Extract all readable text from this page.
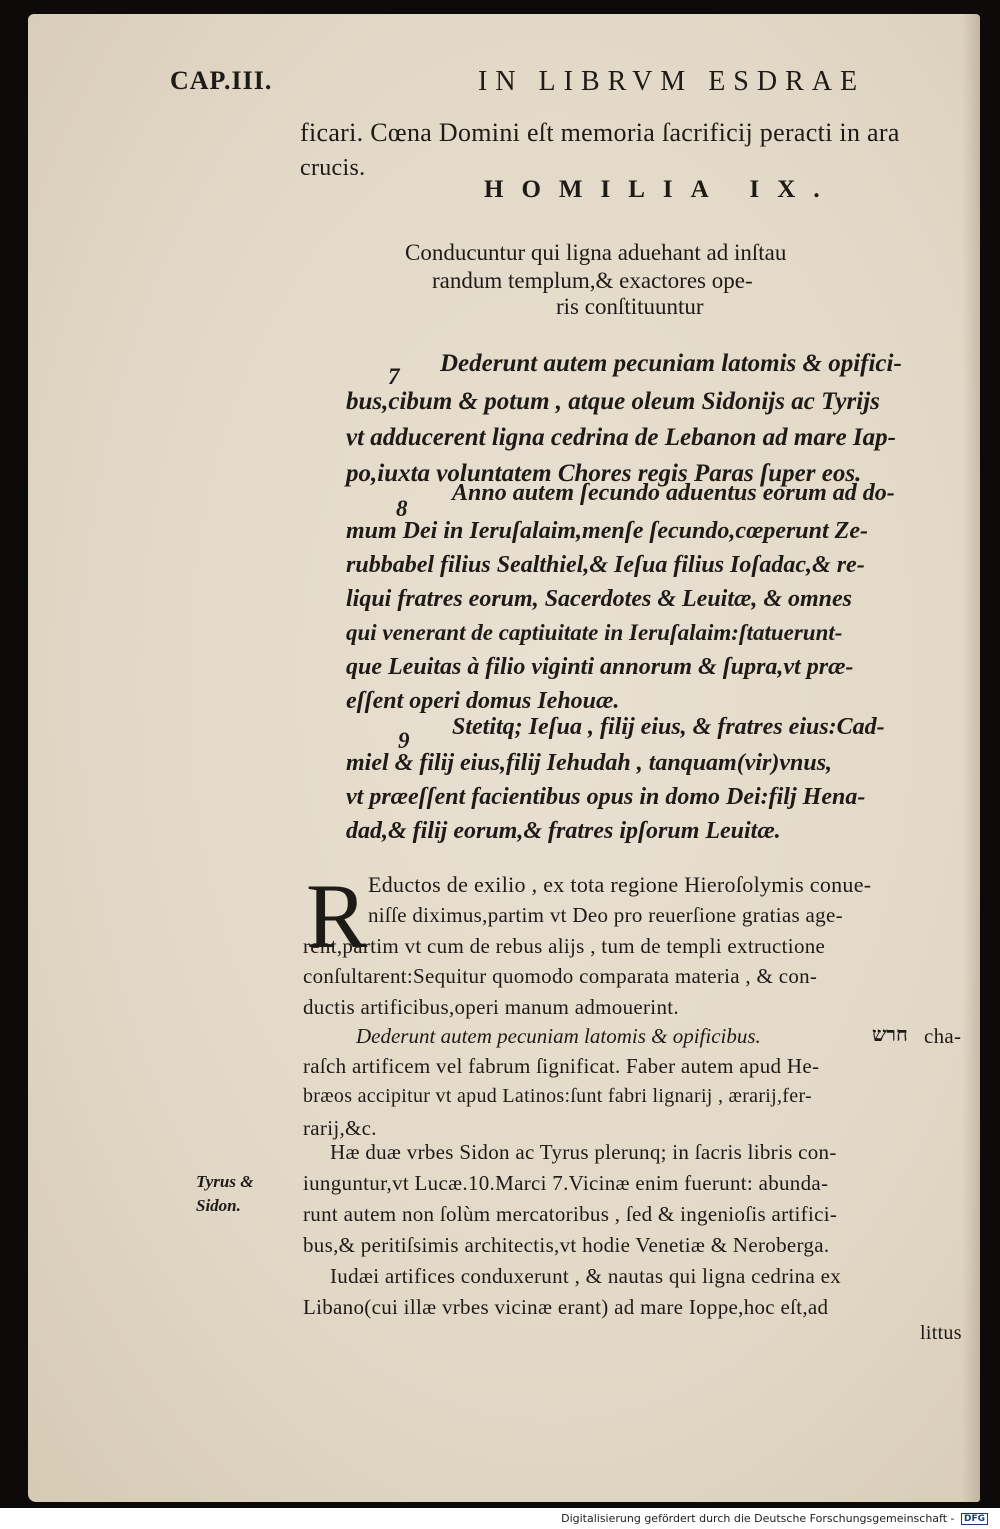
CAP.III.	IN LIBRVM ESDRAE
ficari. Cœna Domini eſt memoria ſacrificij peracti in ara
crucis.
HOMILIA IX.
Conducuntur qui ligna aduehant ad inſtau
randum templum,& exactores ope-
ris conſtituuntur
7
8
9
Dederunt autem pecuniam latomis & opifici-
bus,cibum & potum , atque oleum Sidonijs ac Tyrijs
vt adducerent ligna cedrina de Lebanon ad mare Iap-
po,iuxta voluntatem Chores regis Paras ſuper eos.
Anno autem ſecundo aduentus eorum ad do-
mum Dei in Ieruſalaim,menſe ſecundo,cœperunt Ze-
rubbabel filius Sealthiel,& Ieſua filius Ioſadac,& re-
liqui fratres eorum, Sacerdotes & Leuitæ, & omnes
qui venerant de captiuitate in Ieruſalaim:ſtatuerunt-
que Leuitas à filio viginti annorum & ſupra,vt præ-
eſſent operi domus Iehouæ.
Stetitq; Ieſua , filij eius, & fratres eius:Cad-
miel & filij eius,filij Iehudah , tanquam(vir)vnus,
vt præeſſent facientibus opus in domo Dei:filj Hena-
dad,& filij eorum,& fratres ipſorum Leuitæ.
R Eductos de exilio , ex tota regione Hieroſolymis conue-
niſſe diximus,partim vt Deo pro reuerſione gratias age-
rent,partim vt cum de rebus alijs , tum de templi extructione
conſultarent:Sequitur quomodo comparata materia , & con-
ductis artificibus,operi manum admouerint.
Dederunt autem pecuniam latomis & opificibus.	חרש cha-
raſch artificem vel fabrum ſignificat. Faber autem apud He-
bræos accipitur vt apud Latinos:ſunt fabri lignarij , ærarij,fer-
rarij,&c.
Hæ duæ vrbes Sidon ac Tyrus plerunq; in ſacris libris con-
iunguntur,vt Lucæ.10.Marci 7.Vicinæ enim fuerunt: abunda-
runt autem non ſolùm mercatoribus , ſed & ingenioſis artifici-
bus,& peritiſsimis architectis,vt hodie Venetiæ & Neroberga.
Iudæi artifices conduxerunt , & nautas qui ligna cedrina ex
Libano(cui illæ vrbes vicinæ erant) ad mare Ioppe,hoc eſt,ad
littus
Tyrus &
Sidon.
Digitalisierung gefördert durch die Deutsche Forschungsgemeinschaft - DFG
